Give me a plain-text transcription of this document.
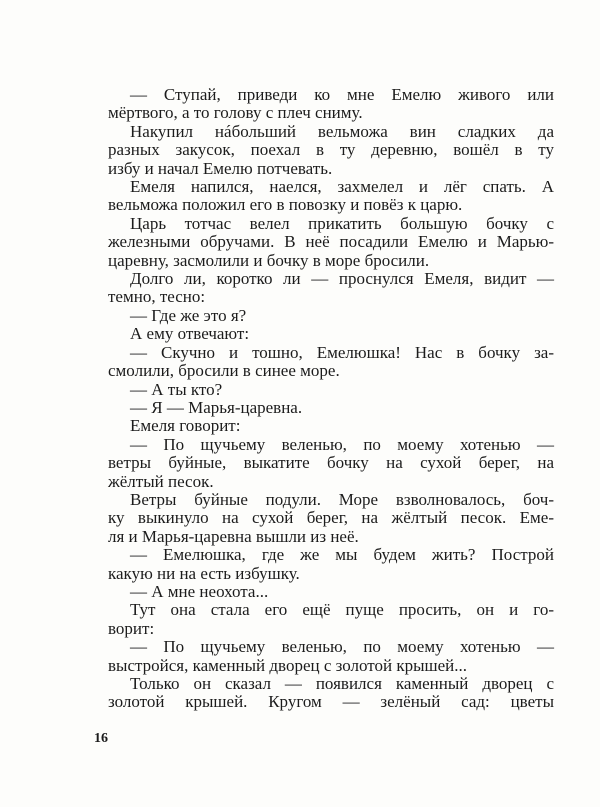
— Ступай, приведи ко мне Емелю живого или
мёртвого, а то голову с плеч сниму.
Накупил нáбольший вельможа вин сладких да
разных закусок, поехал в ту деревню, вошёл в ту
избу и начал Емелю потчевать.
Емеля напился, наелся, захмелел и лёг спать. А
вельможа положил его в повозку и повёз к царю.
Царь тотчас велел прикатить большую бочку с
железными обручами. В неё посадили Емелю и Марью-
царевну, засмолили и бочку в море бросили.
Долго ли, коротко ли — проснулся Емеля, видит —
темно, тесно:
— Где же это я?
А ему отвечают:
— Скучно и тошно, Емелюшка! Нас в бочку за-
смолили, бросили в синее море.
— А ты кто?
— Я — Марья-царевна.
Емеля говорит:
— По щучьему веленью, по моему хотенью —
ветры буйные, выкатите бочку на сухой берег, на
жёлтый песок.
Ветры буйные подули. Море взволновалось, боч-
ку выкинуло на сухой берег, на жёлтый песок. Еме-
ля и Марья-царевна вышли из неё.
— Емелюшка, где же мы будем жить? Построй
какую ни на есть избушку.
— А мне неохота...
Тут она стала его ещё пуще просить, он и го-
ворит:
— По щучьему веленью, по моему хотенью —
выстройся, каменный дворец с золотой крышей...
Только он сказал — появился каменный дворец с
золотой крышей. Кругом — зелёный сад: цветы
16
